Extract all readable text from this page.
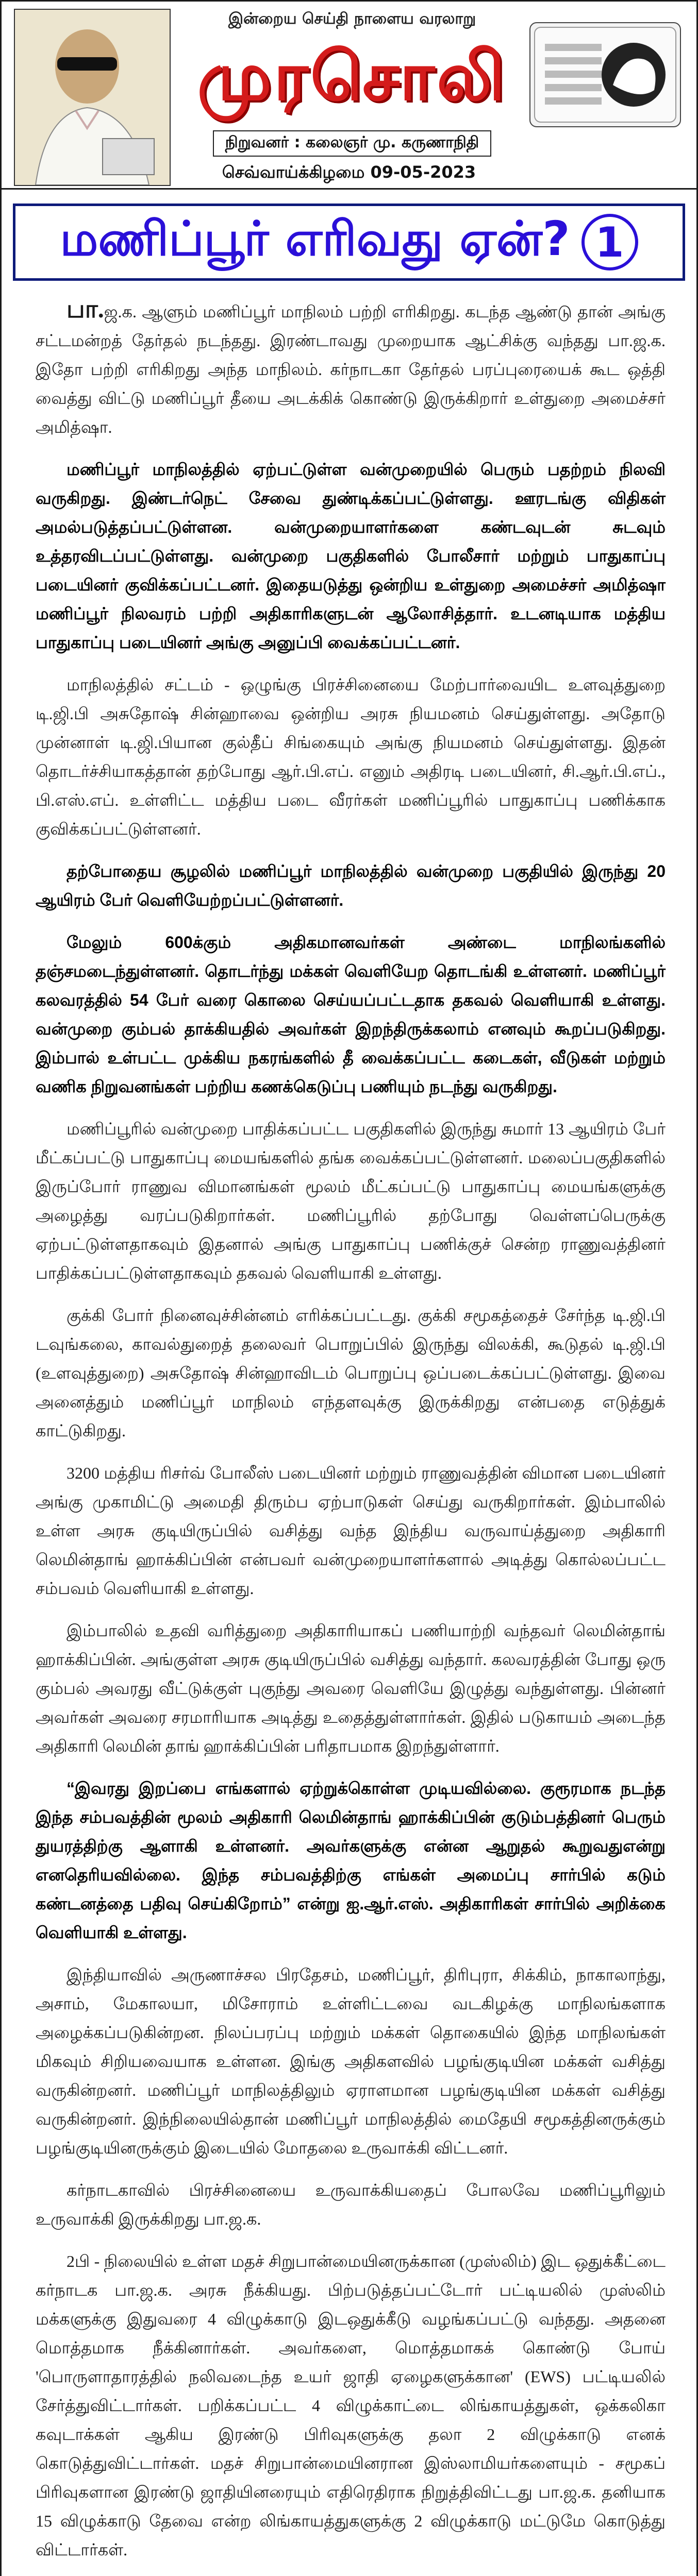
இன்றைய செய்தி நாளைய வரலாறு
முரசொலி
நிறுவனர் : கலைஞர் மு. கருணாநிதி
செவ்வாய்க்கிழமை 09-05-2023
மணிப்பூர் எரிவது ஏன்? 1

பா.ஜ.க. ஆளும் மணிப்பூர் மாநிலம் பற்றி எரிகிறது. கடந்த ஆண்டு தான் அங்கு சட்டமன்றத் தேர்தல் நடந்தது. இரண்டாவது முறையாக ஆட்சிக்கு வந்தது பா.ஜ.க. இதோ பற்றி எரிகிறது அந்த மாநிலம். கர்நாடகா தேர்தல் பரப்புரையைக் கூட ஒத்தி வைத்து விட்டு மணிப்பூர் தீயை அடக்கிக் கொண்டு இருக்கிறார் உள்துறை அமைச்சர் அமித்ஷா.

மணிப்பூர் மாநிலத்தில் ஏற்பட்டுள்ள வன்முறையில் பெரும் பதற்றம் நிலவி வருகிறது. இண்டர்நெட் சேவை துண்டிக்கப்பட்டுள்ளது. ஊரடங்கு விதிகள் அமல்படுத்தப்பட்டுள்ளன. வன்முறையாளர்களை கண்டவுடன் சுடவும் உத்தரவிடப்பட்டுள்ளது. வன்முறை பகுதிகளில் போலீசார் மற்றும் பாதுகாப்பு படையினர் குவிக்கப்பட்டனர். இதையடுத்து ஒன்றிய உள்துறை அமைச்சர் அமித்ஷா மணிப்பூர் நிலவரம் பற்றி அதிகாரிகளுடன் ஆலோசித்தார். உடனடியாக மத்திய பாதுகாப்பு படையினர் அங்கு அனுப்பி வைக்கப்பட்டனர்.

மாநிலத்தில் சட்டம் - ஒழுங்கு பிரச்சினையை மேற்பார்வையிட உளவுத்துறை டி.ஜி.பி அசுதோஷ் சின்ஹாவை ஒன்றிய அரசு நியமனம் செய்துள்ளது. அதோடு முன்னாள் டி.ஜி.பியான குல்தீப் சிங்கையும் அங்கு நியமனம் செய்துள்ளது. இதன் தொடர்ச்சியாகத்தான் தற்போது ஆர்.பி.எப். எனும் அதிரடி படையினர், சி.ஆர்.பி.எப்., பி.எஸ்.எப். உள்ளிட்ட மத்திய படை வீரர்கள் மணிப்பூரில் பாதுகாப்பு பணிக்காக குவிக்கப்பட்டுள்ளனர்.

தற்போதைய சூழலில் மணிப்பூர் மாநிலத்தில் வன்முறை பகுதியில் இருந்து 20 ஆயிரம் பேர் வெளியேற்றப்பட்டுள்ளனர்.

மேலும் 600க்கும் அதிகமானவர்கள் அண்டை மாநிலங்களில் தஞ்சமடைந்துள்ளனர். தொடர்ந்து மக்கள் வெளியேற தொடங்கி உள்ளனர். மணிப்பூர் கலவரத்தில் 54 பேர் வரை கொலை செய்யப்பட்டதாக தகவல் வெளியாகி உள்ளது. வன்முறை கும்பல் தாக்கியதில் அவர்கள் இறந்திருக்கலாம் எனவும் கூறப்படுகிறது. இம்பால் உள்பட்ட முக்கிய நகரங்களில் தீ வைக்கப்பட்ட கடைகள், வீடுகள் மற்றும் வணிக நிறுவனங்கள் பற்றிய கணக்கெடுப்பு பணியும் நடந்து வருகிறது.

மணிப்பூரில் வன்முறை பாதிக்கப்பட்ட பகுதிகளில் இருந்து சுமார் 13 ஆயிரம் பேர் மீட்கப்பட்டு பாதுகாப்பு மையங்களில் தங்க வைக்கப்பட்டுள்ளனர். மலைப்பகுதிகளில் இருப்போர் ராணுவ விமானங்கள் மூலம் மீட்கப்பட்டு பாதுகாப்பு மையங்களுக்கு அழைத்து வரப்படுகிறார்கள். மணிப்பூரில் தற்போது வெள்ளப்பெருக்கு ஏற்பட்டுள்ளதாகவும் இதனால் அங்கு பாதுகாப்பு பணிக்குச் சென்ற ராணுவத்தினர் பாதிக்கப்பட்டுள்ளதாகவும் தகவல் வெளியாகி உள்ளது.

குக்கி போர் நினைவுச்சின்னம் எரிக்கப்பட்டது. குக்கி சமூகத்தைச் சேர்ந்த டி.ஜி.பி டவுங்கலை, காவல்துறைத் தலைவர் பொறுப்பில் இருந்து விலக்கி, கூடுதல் டி.ஜி.பி (உளவுத்துறை) அசுதோஷ் சின்ஹாவிடம் பொறுப்பு ஒப்படைக்கப்பட்டுள்ளது. இவை அனைத்தும் மணிப்பூர் மாநிலம் எந்தளவுக்கு இருக்கிறது என்பதை எடுத்துக் காட்டுகிறது.

3200 மத்திய ரிசர்வ் போலீஸ் படையினர் மற்றும் ராணுவத்தின் விமான படையினர் அங்கு முகாமிட்டு அமைதி திரும்ப ஏற்பாடுகள் செய்து வருகிறார்கள். இம்பாலில் உள்ள அரசு குடியிருப்பில் வசித்து வந்த இந்திய வருவாய்த்துறை அதிகாரி லெமின்தாங் ஹாக்கிப்பின் என்பவர் வன்முறையாளர்களால் அடித்து கொல்லப்பட்ட சம்பவம் வெளியாகி உள்ளது.

இம்பாலில் உதவி வரித்துறை அதிகாரியாகப் பணியாற்றி வந்தவர் லெமின்தாங் ஹாக்கிப்பின். அங்குள்ள அரசு குடியிருப்பில் வசித்து வந்தார். கலவரத்தின் போது ஒரு கும்பல் அவரது வீட்டுக்குள் புகுந்து அவரை வெளியே இழுத்து வந்துள்ளது. பின்னர் அவர்கள் அவரை சரமாரியாக அடித்து உதைத்துள்ளார்கள். இதில் படுகாயம் அடைந்த அதிகாரி லெமின் தாங் ஹாக்கிப்பின் பரிதாபமாக இறந்துள்ளார்.

“இவரது இறப்பை எங்களால் ஏற்றுக்கொள்ள முடியவில்லை. குரூரமாக நடந்த இந்த சம்பவத்தின் மூலம் அதிகாரி லெமின்தாங் ஹாக்கிப்பின் குடும்பத்தினர் பெரும் துயரத்திற்கு ஆளாகி உள்ளனர். அவர்களுக்கு என்ன ஆறுதல் கூறுவதுஎன்று எனதெரியவில்லை. இந்த சம்பவத்திற்கு எங்கள் அமைப்பு சார்பில் கடும் கண்டனத்தை பதிவு செய்கிறோம்” என்று ஐ.ஆர்.எஸ். அதிகாரிகள் சார்பில் அறிக்கை வெளியாகி உள்ளது.

இந்தியாவில் அருணாச்சல பிரதேசம், மணிப்பூர், திரிபுரா, சிக்கிம், நாகாலாந்து, அசாம், மேகாலயா, மிசோராம் உள்ளிட்டவை வடகிழக்கு மாநிலங்களாக அழைக்கப்படுகின்றன. நிலப்பரப்பு மற்றும் மக்கள் தொகையில் இந்த மாநிலங்கள் மிகவும் சிறியவையாக உள்ளன. இங்கு அதிகளவில் பழங்குடியின மக்கள் வசித்து வருகின்றனர். மணிப்பூர் மாநிலத்திலும் ஏராளமான பழங்குடியின மக்கள் வசித்து வருகின்றனர். இந்நிலையில்தான் மணிப்பூர் மாநிலத்தில் மைதேயி சமூகத்தினருக்கும் பழங்குடியினருக்கும் இடையில் மோதலை உருவாக்கி விட்டனர்.

கர்நாடகாவில் பிரச்சினையை உருவாக்கியதைப் போலவே மணிப்பூரிலும் உருவாக்கி இருக்கிறது பா.ஜ.க.

2பி - நிலையில் உள்ள மதச் சிறுபான்மையினருக்கான (முஸ்லிம்) இட ஒதுக்கீட்டை கர்நாடக பா.ஜ.க. அரசு நீக்கியது. பிற்படுத்தப்பட்டோர் பட்டியலில் முஸ்லிம் மக்களுக்கு இதுவரை 4 விழுக்காடு இடஒதுக்கீடு வழங்கப்பட்டு வந்தது. அதனை மொத்தமாக நீக்கினார்கள். அவர்களை, மொத்தமாகக் கொண்டு போய் 'பொருளாதாரத்தில் நலிவடைந்த உயர் ஜாதி ஏழைகளுக்கான' (EWS) பட்டியலில் சேர்த்துவிட்டார்கள். பறிக்கப்பட்ட 4 விழுக்காட்டை லிங்காயத்துகள், ஒக்கலிகா கவுடாக்கள் ஆகிய இரண்டு பிரிவுகளுக்கு தலா 2 விழுக்காடு எனக் கொடுத்துவிட்டார்கள். மதச் சிறுபான்மையினரான இஸ்லாமியர்களையும் - சமூகப் பிரிவுகளான இரண்டு ஜாதியினரையும் எதிரெதிராக நிறுத்திவிட்டது பா.ஜ.க. தனியாக 15 விழுக்காடு தேவை என்ற லிங்காயத்துகளுக்கு 2 விழுக்காடு மட்டுமே கொடுத்து விட்டார்கள்.
